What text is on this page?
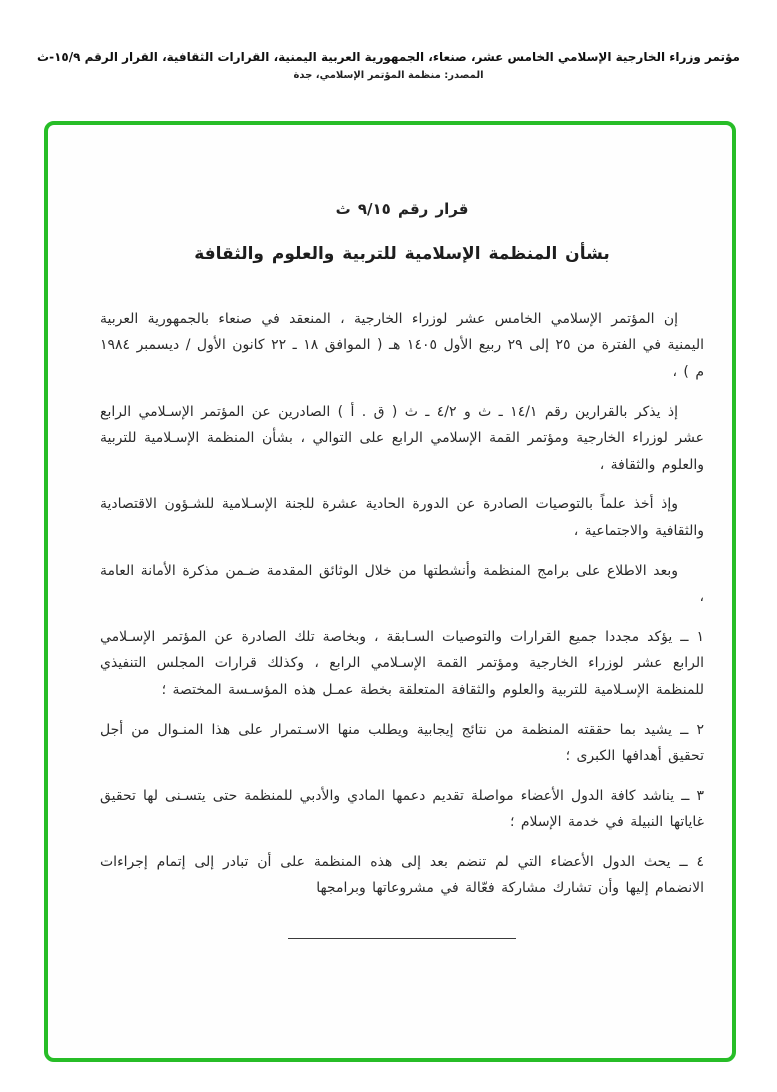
مؤتمر وزراء الخارجية الإسلامي الخامس عشر، صنعاء، الجمهورية العربية اليمنية، القرارات الثقافية، القرار الرقم ١٥/٩-ث
المصدر: منظمة المؤتمر الإسلامي، جدة
قرار رقم ٩/١٥ ث
بشأن المنظمة الإسلامية للتربية والعلوم والثقافة

إن المؤتمر الإسلامي الخامس عشر لوزراء الخارجية ، المنعقد في صنعاء بالجمهورية العربية اليمنية في الفترة من ٢٥ إلى ٢٩ ربيع الأول ١٤٠٥ هـ ( الموافق ١٨ ـ ٢٢ كانون الأول / ديسمبر ١٩٨٤ م ) ،

إذ يذكر بالقرارين رقم ١٤/١ ـ ث و ٤/٢ ـ ث ( ق . أ ) الصادرين عن المؤتمر الإسـلامي الرابع عشر لوزراء الخارجية ومؤتمر القمة الإسلامي الرابع على التوالي ، بشأن المنظمة الإسـلامية للتربية والعلوم والثقافة ،

وإذ أخذ علماً بالتوصيات الصادرة عن الدورة الحادية عشرة للجنة الإسـلامية للشـؤون الاقتصادية والثقافية والاجتماعية ،

وبعد الاطلاع على برامج المنظمة وأنشطتها من خلال الوثائق المقدمة ضـمن مذكرة الأمانة العامة ،

١ ــ يؤكد مجددا جميع القرارات والتوصيات السـابقة ، وبخاصة تلك الصادرة عن المؤتمر الإسـلامي الرابع عشر لوزراء الخارجية ومؤتمر القمة الإسـلامي الرابع ، وكذلك قرارات المجلس التنفيذي للمنظمة الإسـلامية للتربية والعلوم والثقافة المتعلقة بخطة عمـل هذه المؤسـسة المختصة ؛
٢ ــ يشيد بما حققته المنظمة من نتائج إيجابية ويطلب منها الاسـتمرار على هذا المنـوال من أجل تحقيق أهدافها الكبرى ؛
٣ ــ يناشد كافة الدول الأعضاء مواصلة تقديم دعمها المادي والأدبي للمنظمة حتى يتسـنى لها تحقيق غاياتها النبيلة في خدمة الإسلام ؛
٤ ــ يحث الدول الأعضاء التي لم تنضم بعد إلى هذه المنظمة على أن تبادر إلى إتمام إجراءات الانضمام إليها وأن تشارك مشاركة فعّالة في مشروعاتها وبرامجها
